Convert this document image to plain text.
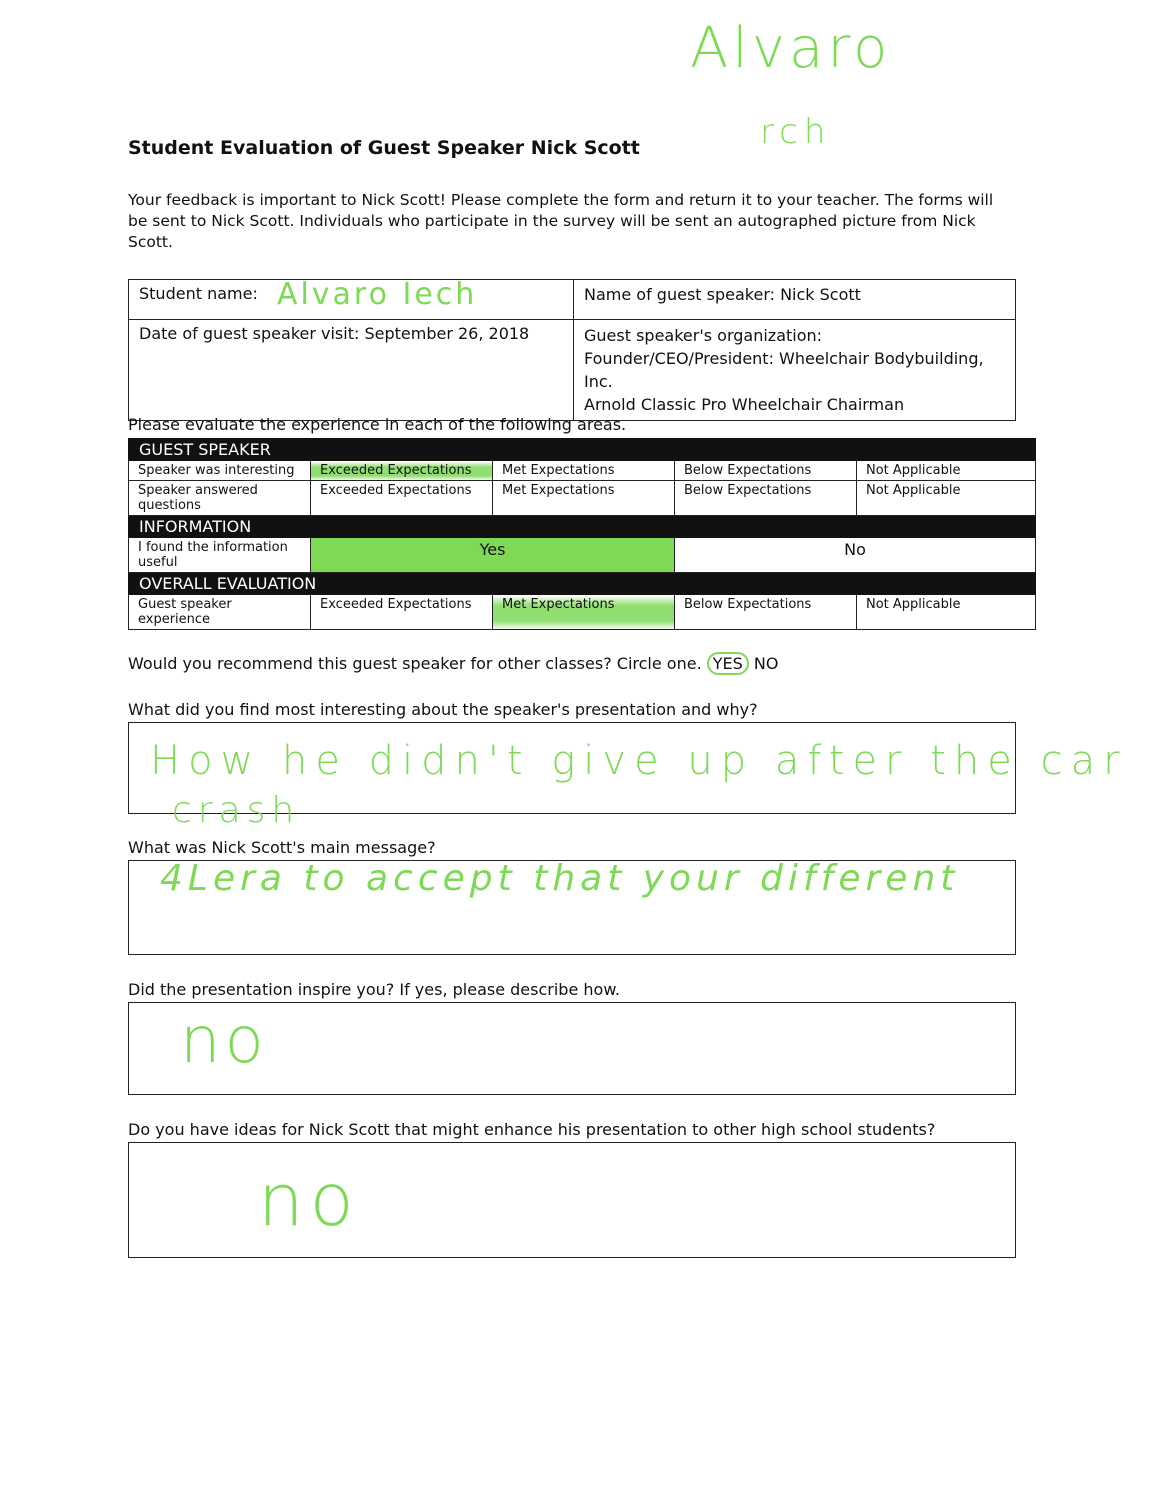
Alvaro
rch
Student Evaluation of Guest Speaker Nick Scott

Your feedback is important to Nick Scott! Please complete the form and return it to your teacher. The forms will be sent to Nick Scott. Individuals who participate in the survey will be sent an autographed picture from Nick Scott.

Student name: Alvaro Iech	Name of guest speaker: Nick Scott
Date of guest speaker visit: September 26, 2018	Guest speaker's organization:
Founder/CEO/President: Wheelchair Bodybuilding, Inc.
Arnold Classic Pro Wheelchair Chairman
Please evaluate the experience in each of the following areas.
GUEST SPEAKER				
Speaker was interesting	Exceeded Expectations	Met Expectations	Below Expectations	Not Applicable
Speaker answered questions	Exceeded Expectations	Met Expectations	Below Expectations	Not Applicable
INFORMATION				
I found the information useful	Yes		No	
OVERALL EVALUATION				
Guest speaker experience	Exceeded Expectations	Met Expectations	Below Expectations	Not Applicable
Would you recommend this guest speaker for other classes? Circle one. YES NO
What did you find most interesting about the speaker's presentation and why?
How he didn't give up after the car
crash
What was Nick Scott's main message?
4Lera to accept that your different
Did the presentation inspire you? If yes, please describe how.
no
Do you have ideas for Nick Scott that might enhance his presentation to other high school students?
no
